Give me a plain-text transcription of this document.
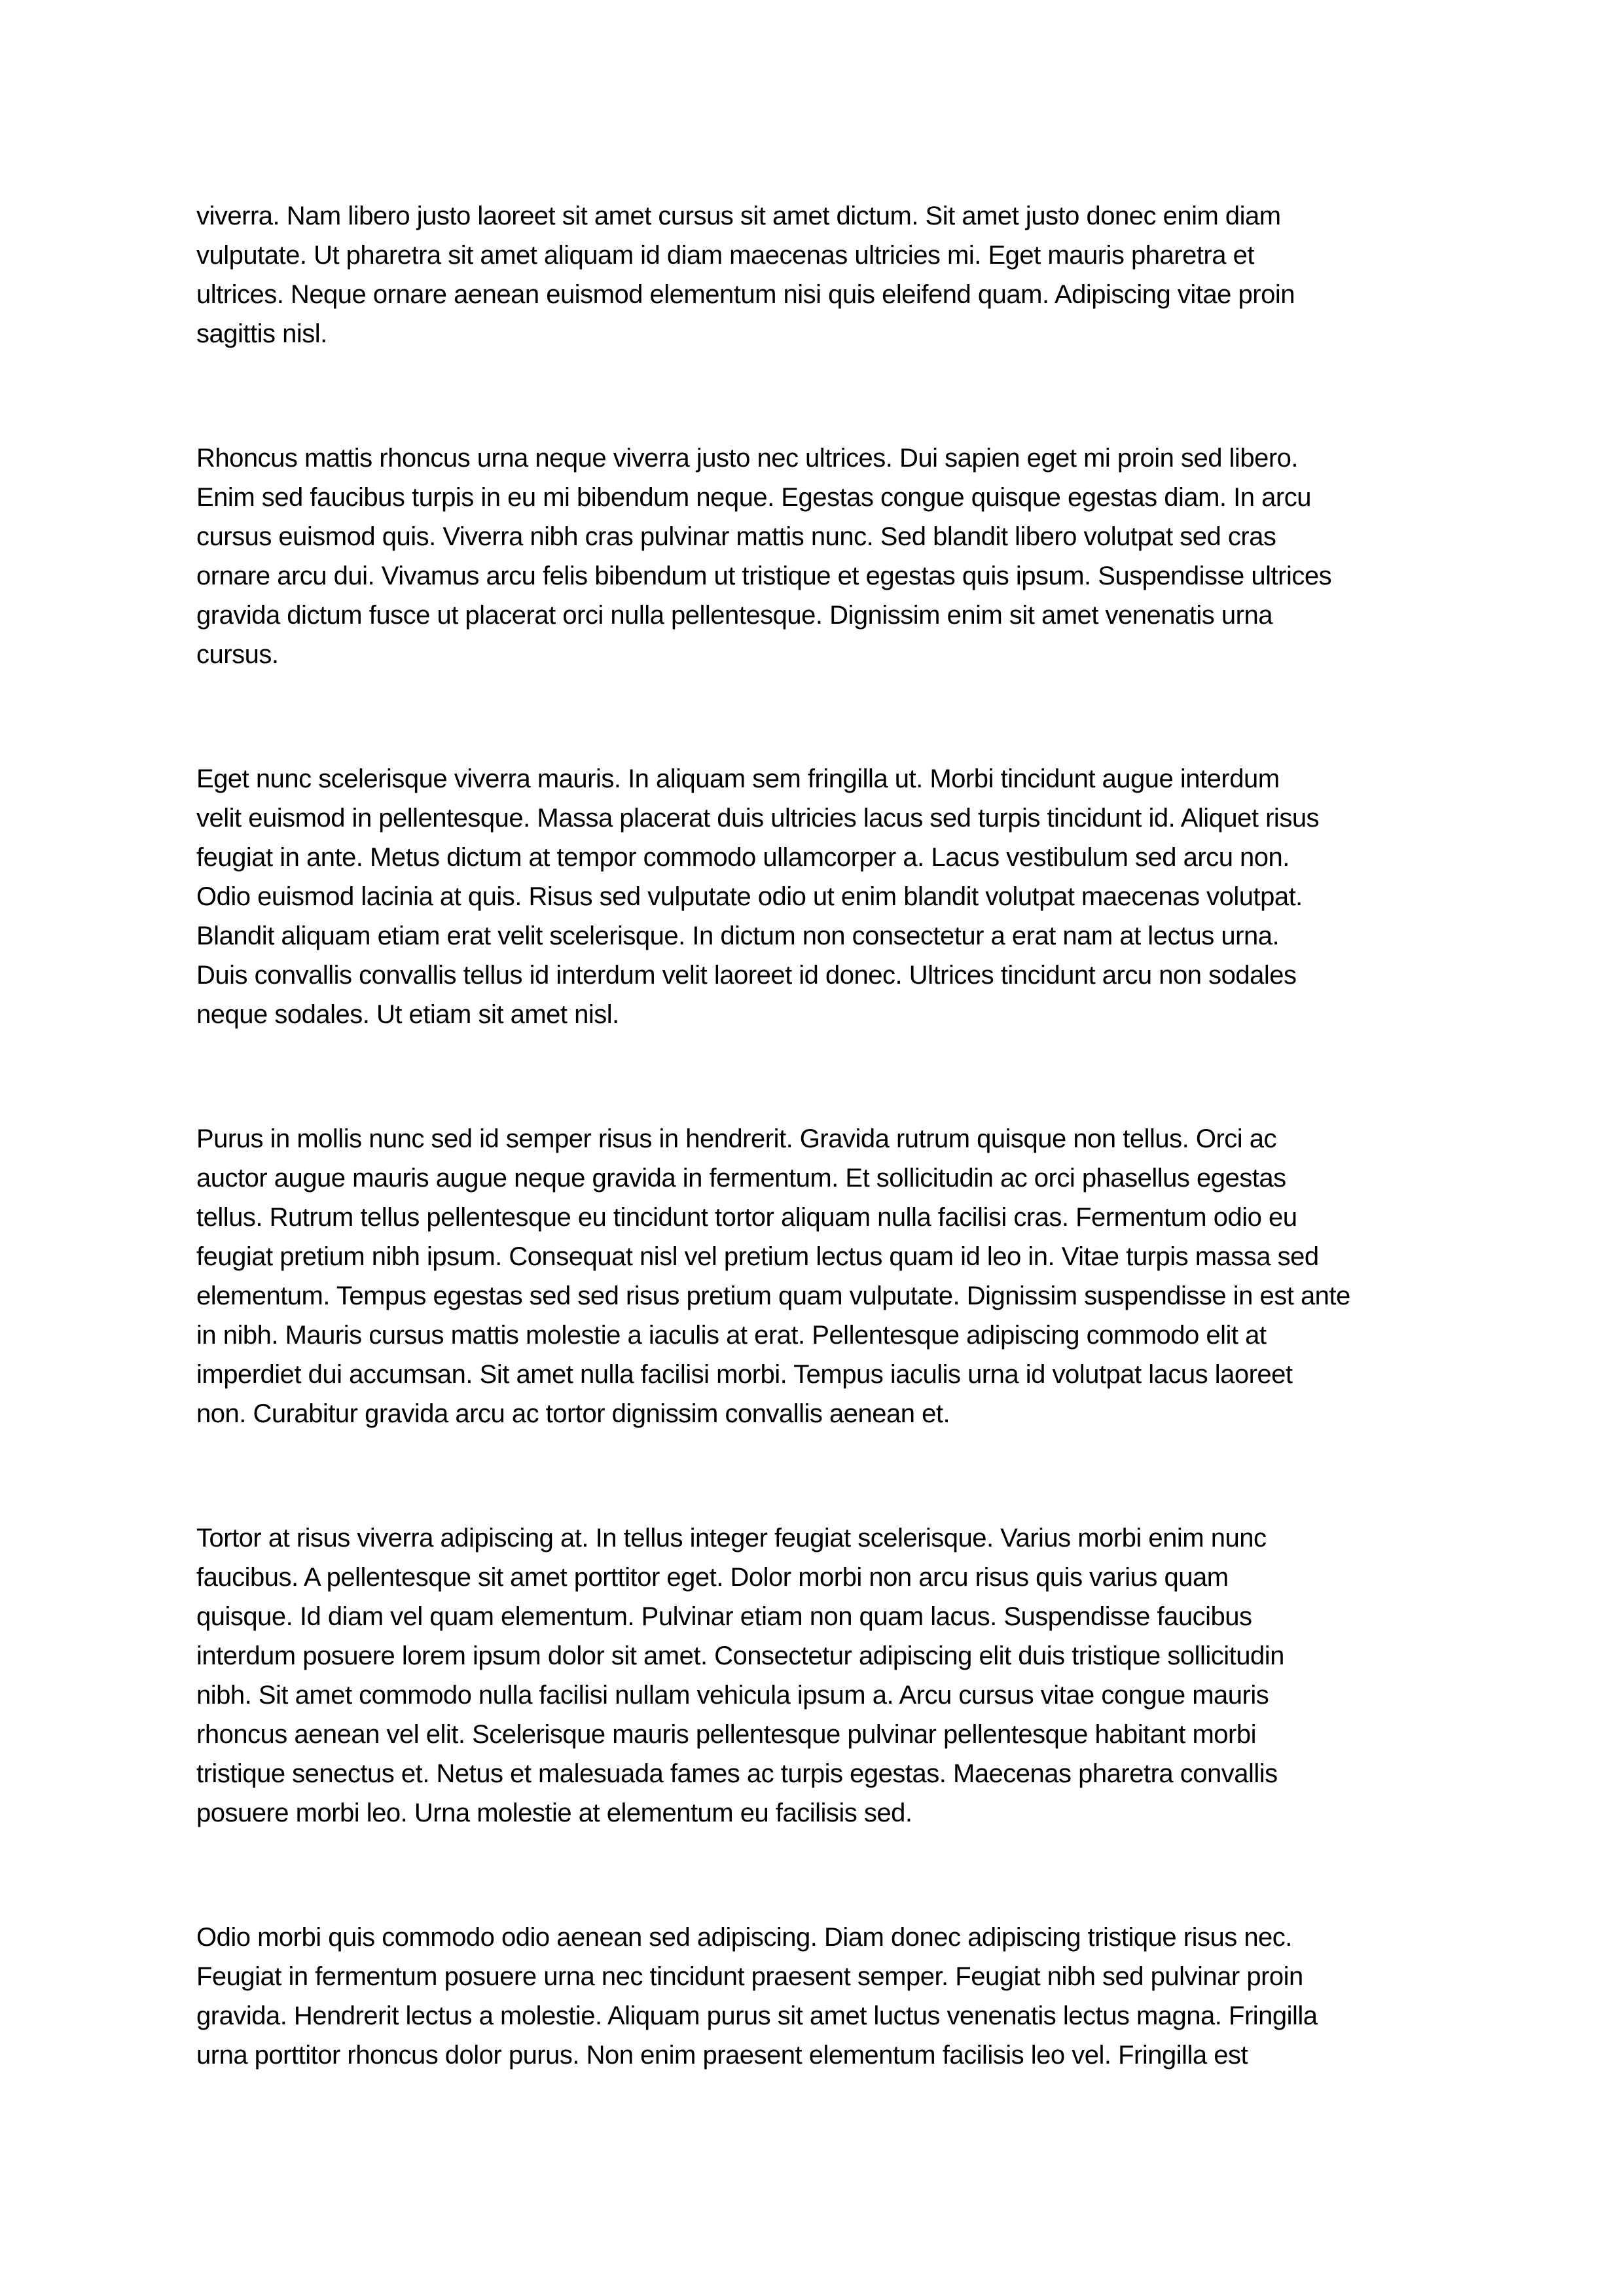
viverra. Nam libero justo laoreet sit amet cursus sit amet dictum. Sit amet justo donec enim diam
vulputate. Ut pharetra sit amet aliquam id diam maecenas ultricies mi. Eget mauris pharetra et
ultrices. Neque ornare aenean euismod elementum nisi quis eleifend quam. Adipiscing vitae proin
sagittis nisl.

Rhoncus mattis rhoncus urna neque viverra justo nec ultrices. Dui sapien eget mi proin sed libero.
Enim sed faucibus turpis in eu mi bibendum neque. Egestas congue quisque egestas diam. In arcu
cursus euismod quis. Viverra nibh cras pulvinar mattis nunc. Sed blandit libero volutpat sed cras
ornare arcu dui. Vivamus arcu felis bibendum ut tristique et egestas quis ipsum. Suspendisse ultrices
gravida dictum fusce ut placerat orci nulla pellentesque. Dignissim enim sit amet venenatis urna
cursus.

Eget nunc scelerisque viverra mauris. In aliquam sem fringilla ut. Morbi tincidunt augue interdum
velit euismod in pellentesque. Massa placerat duis ultricies lacus sed turpis tincidunt id. Aliquet risus
feugiat in ante. Metus dictum at tempor commodo ullamcorper a. Lacus vestibulum sed arcu non.
Odio euismod lacinia at quis. Risus sed vulputate odio ut enim blandit volutpat maecenas volutpat.
Blandit aliquam etiam erat velit scelerisque. In dictum non consectetur a erat nam at lectus urna.
Duis convallis convallis tellus id interdum velit laoreet id donec. Ultrices tincidunt arcu non sodales
neque sodales. Ut etiam sit amet nisl.

Purus in mollis nunc sed id semper risus in hendrerit. Gravida rutrum quisque non tellus. Orci ac
auctor augue mauris augue neque gravida in fermentum. Et sollicitudin ac orci phasellus egestas
tellus. Rutrum tellus pellentesque eu tincidunt tortor aliquam nulla facilisi cras. Fermentum odio eu
feugiat pretium nibh ipsum. Consequat nisl vel pretium lectus quam id leo in. Vitae turpis massa sed
elementum. Tempus egestas sed sed risus pretium quam vulputate. Dignissim suspendisse in est ante
in nibh. Mauris cursus mattis molestie a iaculis at erat. Pellentesque adipiscing commodo elit at
imperdiet dui accumsan. Sit amet nulla facilisi morbi. Tempus iaculis urna id volutpat lacus laoreet
non. Curabitur gravida arcu ac tortor dignissim convallis aenean et.

Tortor at risus viverra adipiscing at. In tellus integer feugiat scelerisque. Varius morbi enim nunc
faucibus. A pellentesque sit amet porttitor eget. Dolor morbi non arcu risus quis varius quam
quisque. Id diam vel quam elementum. Pulvinar etiam non quam lacus. Suspendisse faucibus
interdum posuere lorem ipsum dolor sit amet. Consectetur adipiscing elit duis tristique sollicitudin
nibh. Sit amet commodo nulla facilisi nullam vehicula ipsum a. Arcu cursus vitae congue mauris
rhoncus aenean vel elit. Scelerisque mauris pellentesque pulvinar pellentesque habitant morbi
tristique senectus et. Netus et malesuada fames ac turpis egestas. Maecenas pharetra convallis
posuere morbi leo. Urna molestie at elementum eu facilisis sed.

Odio morbi quis commodo odio aenean sed adipiscing. Diam donec adipiscing tristique risus nec.
Feugiat in fermentum posuere urna nec tincidunt praesent semper. Feugiat nibh sed pulvinar proin
gravida. Hendrerit lectus a molestie. Aliquam purus sit amet luctus venenatis lectus magna. Fringilla
urna porttitor rhoncus dolor purus. Non enim praesent elementum facilisis leo vel. Fringilla est
